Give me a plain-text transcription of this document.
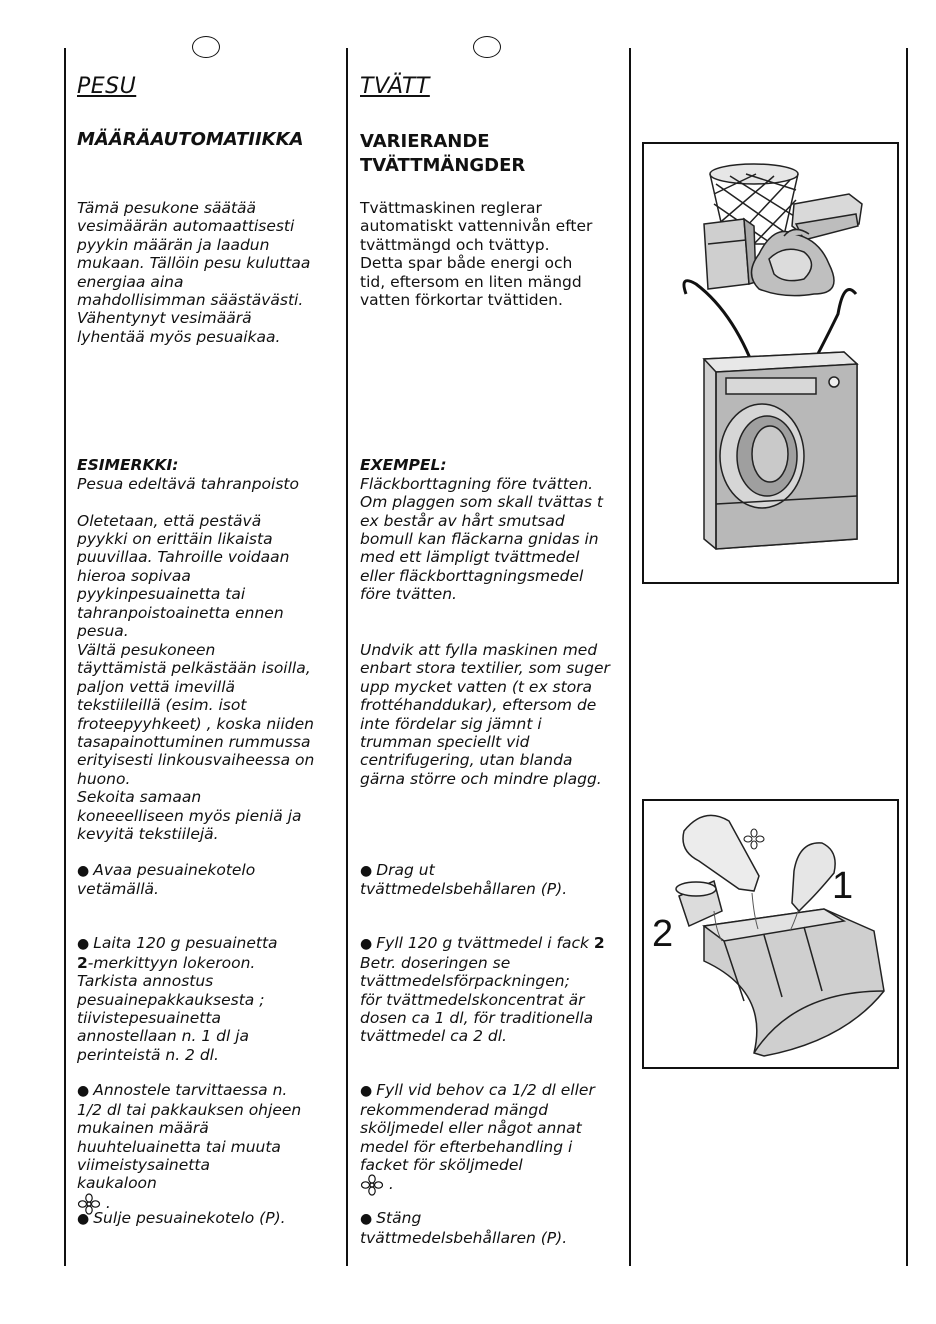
PESU
MÄÄRÄAUTOMATIIKKA
Tämä pesukone säätää
vesimäärän automaattisesti
pyykin määrän ja laadun
mukaan. Tällöin pesu kuluttaa
energiaa aina
mahdollisimman säästävästi.
Vähentynyt vesimäärä
lyhentää myös pesuaikaa.

ESIMERKKI:
Pesua edeltävä tahranpoisto

Oletetaan, että pestävä
pyykki on erittäin likaista
puuvillaa. Tahroille voidaan
hieroa sopivaa
pyykinpesuainetta tai
tahranpoistoainetta ennen
pesua.

Vältä pesukoneen
täyttämistä pelkästään isoilla,
paljon vettä imevillä
tekstiileillä (esim. isot
froteepyyhkeet) , koska niiden
tasapainottuminen rummussa
erityisesti linkousvaiheessa on
huono.
Sekoita samaan
koneeelliseen myös pieniä ja
kevyitä tekstiilejä.
● Avaa pesuainekotelo
vetämällä.

● Laita 120 g pesuainetta
2-merkittyyn lokeroon.
Tarkista annostus
pesuainepakkauksesta ;
tiivistepesuainetta
annostellaan n. 1 dl ja
perinteistä n. 2 dl.

● Annostele tarvittaessa n.
1/2 dl tai pakkauksen ohjeen
mukainen määrä
huuhteluainetta tai muuta
viimeistysainetta
kaukaloon
.

● Sulje pesuainekotelo (P).

TVÄTT
VARIERANDE
TVÄTTMÄNGDER
Tvättmaskinen reglerar
automatiskt vattennivån efter
tvättmängd och tvättyp.
Detta spar både energi och
tid, eftersom en liten mängd
vatten förkortar tvättiden.

EXEMPEL:
Fläckborttagning före tvätten.
Om plaggen som skall tvättas t
ex består av hårt smutsad
bomull kan fläckarna gnidas in
med ett lämpligt tvättmedel
eller fläckborttagningsmedel
före tvätten.

Undvik att fylla maskinen med
enbart stora textilier, som suger
upp mycket vatten (t ex stora
frottéhanddukar), eftersom de
inte fördelar sig jämnt i
trumman speciellt vid
centrifugering, utan blanda
gärna större och mindre plagg.
● Drag ut
tvättmedelsbehållaren (P).

● Fyll 120 g tvättmedel i fack 2
Betr. doseringen se
tvättmedelsförpackningen;
för tvättmedelskoncentrat är
dosen ca 1 dl, för traditionella
tvättmedel ca 2 dl.

● Fyll vid behov ca 1/2 dl eller
rekommenderad mängd
sköljmedel eller något annat
medel för efterbehandling i
facket för sköljmedel
.

● Stäng
tvättmedelsbehållaren (P).

1
2
